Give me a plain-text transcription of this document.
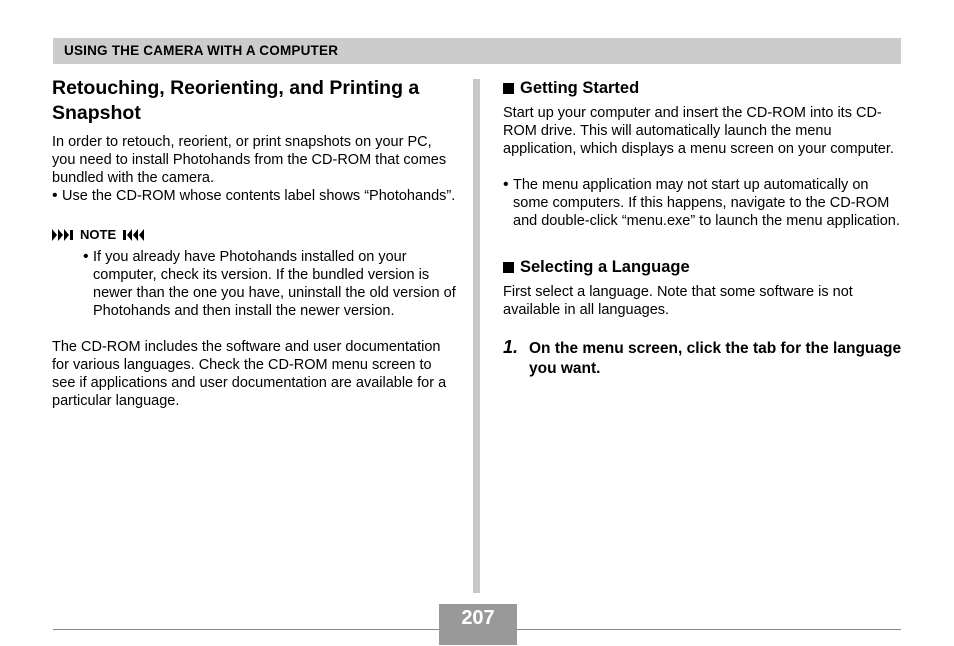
USING THE CAMERA WITH A COMPUTER
Retouching, Reorienting, and Printing a Snapshot

In order to retouch, reorient, or print snapshots on your PC, you need to install Photohands from the CD-ROM that comes bundled with the camera.

• Use the CD-ROM whose contents label shows “Photohands”.

NOTE
• If you already have Photohands installed on your computer, check its version. If the bundled version is newer than the one you have, uninstall the old version of Photohands and then install the newer version.

The CD-ROM includes the software and user documentation for various languages. Check the CD-ROM menu screen to see if applications and user documentation are available for a particular language.

Getting Started

Start up your computer and insert the CD-ROM into its CD-ROM drive. This will automatically launch the menu application, which displays a menu screen on your computer.

• The menu application may not start up automatically on some computers. If this happens, navigate to the CD-ROM and double-click “menu.exe” to launch the menu application.

Selecting a Language

First select a language. Note that some software is not available in all languages.

1. On the menu screen, click the tab for the language you want.
207
